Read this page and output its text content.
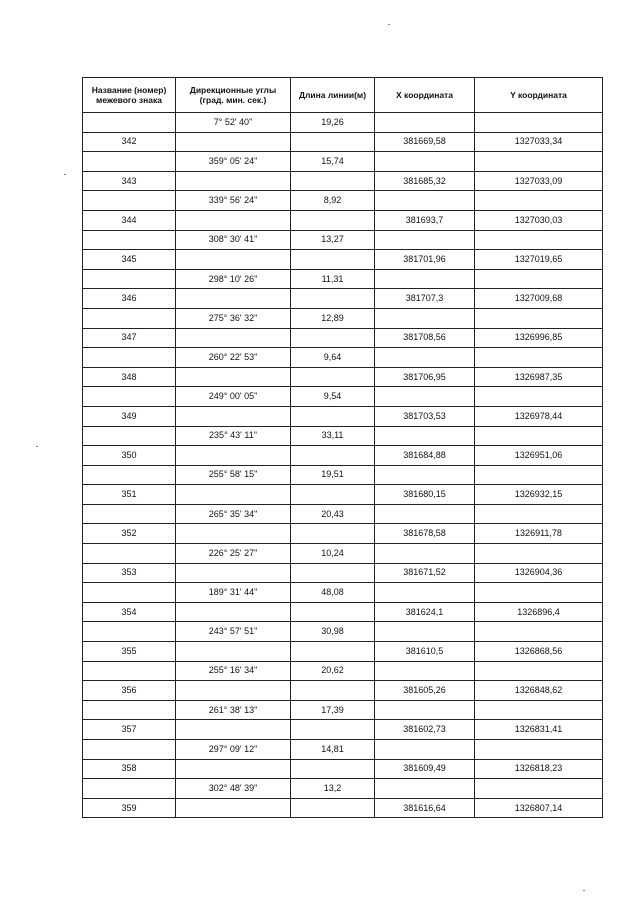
Название (номер) межевого знака	Дирекционные углы (град. мин. сек.)	Длина линии(м)	X координата	Y координата
	7° 52' 40"	19,26		
342			381669,58	1327033,34
	359° 05' 24"	15,74		
343			381685,32	1327033,09
	339° 56' 24"	8,92		
344			381693,7	1327030,03
	308° 30' 41"	13,27		
345			381701,96	1327019,65
	298° 10' 26"	11,31		
346			381707,3	1327009,68
	275° 36' 32"	12,89		
347			381708,56	1326996,85
	260° 22' 53"	9,64		
348			381706,95	1326987,35
	249° 00' 05"	9,54		
349			381703,53	1326978,44
	235° 43' 11"	33,11		
350			381684,88	1326951,06
	255° 58' 15"	19,51		
351			381680,15	1326932,15
	265° 35' 34"	20,43		
352			381678,58	1326911,78
	226° 25' 27"	10,24		
353			381671,52	1326904,36
	189° 31' 44"	48,08		
354			381624,1	1326896,4
	243° 57' 51"	30,98		
355			381610,5	1326868,56
	255° 16' 34"	20,62		
356			381605,26	1326848,62
	261° 38' 13"	17,39		
357			381602,73	1326831,41
	297° 09' 12"	14,81		
358			381609,49	1326818,23
	302° 48' 39"	13,2		
359			381616,64	1326807,14
